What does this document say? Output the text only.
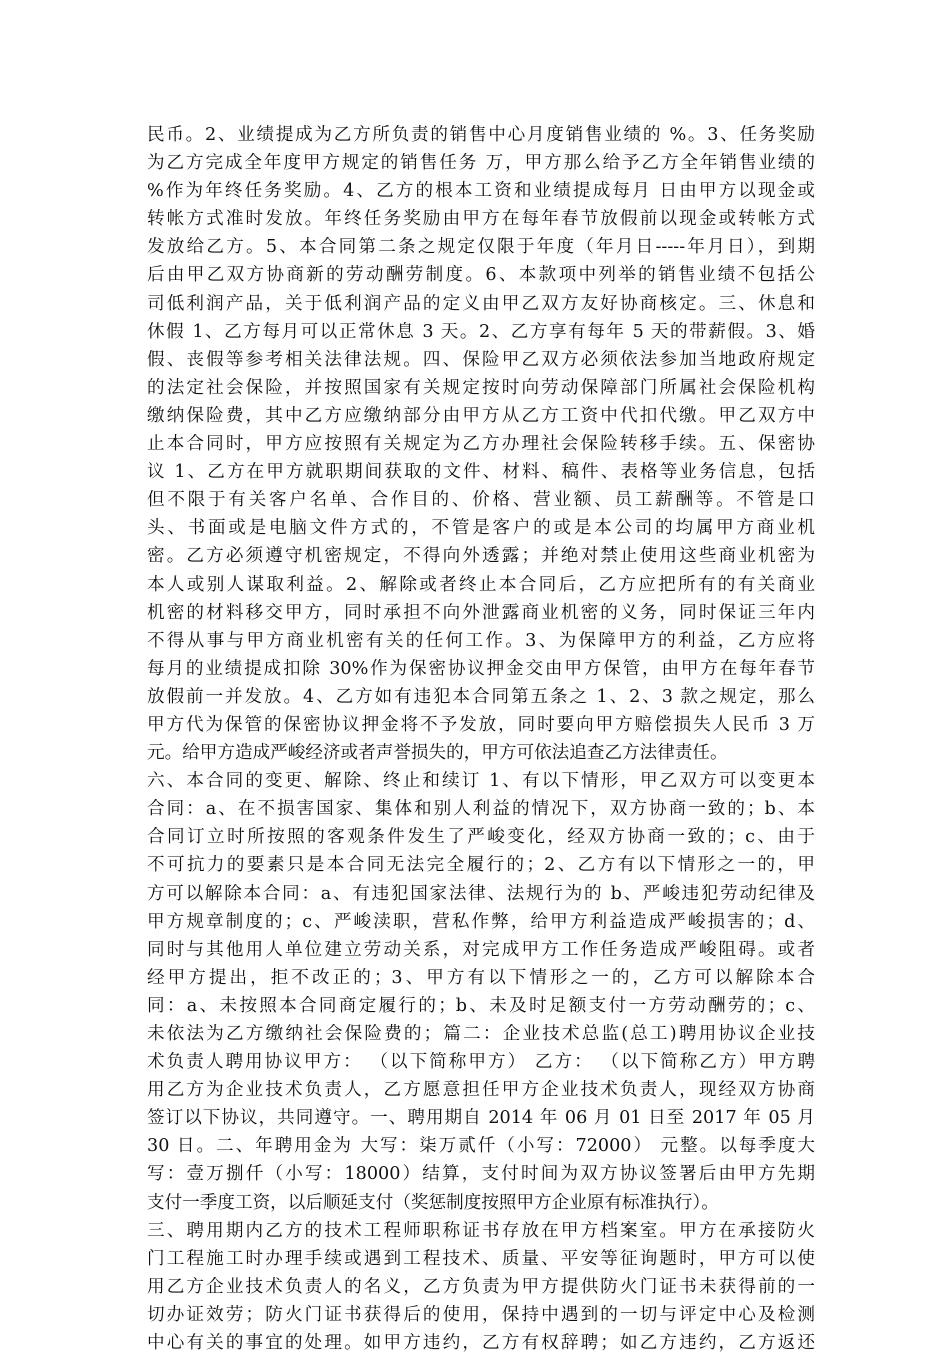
民币。2、业绩提成为乙方所负责的销售中心月度销售业绩的 %。3、任务奖励
为乙方完成全年度甲方规定的销售任务 万，甲方那么给予乙方全年销售业绩的
%作为年终任务奖励。4、乙方的根本工资和业绩提成每月 日由甲方以现金或
转帐方式准时发放。年终任务奖励由甲方在每年春节放假前以现金或转帐方式
发放给乙方。5、本合同第二条之规定仅限于年度（年月日-----年月日），到期
后由甲乙双方协商新的劳动酬劳制度。6、本款项中列举的销售业绩不包括公
司低利润产品，关于低利润产品的定义由甲乙双方友好协商核定。三、休息和
休假 1、乙方每月可以正常休息 3 天。2、乙方享有每年 5 天的带薪假。3、婚
假、丧假等参考相关法律法规。四、保险甲乙双方必须依法参加当地政府规定
的法定社会保险，并按照国家有关规定按时向劳动保障部门所属社会保险机构
缴纳保险费，其中乙方应缴纳部分由甲方从乙方工资中代扣代缴。甲乙双方中
止本合同时，甲方应按照有关规定为乙方办理社会保险转移手续。五、保密协
议 1、乙方在甲方就职期间获取的文件、材料、稿件、表格等业务信息，包括
但不限于有关客户名单、合作目的、价格、营业额、员工薪酬等。不管是口
头、书面或是电脑文件方式的，不管是客户的或是本公司的均属甲方商业机
密。乙方必须遵守机密规定，不得向外透露；并绝对禁止使用这些商业机密为
本人或别人谋取利益。2、解除或者终止本合同后，乙方应把所有的有关商业
机密的材料移交甲方，同时承担不向外泄露商业机密的义务，同时保证三年内
不得从事与甲方商业机密有关的任何工作。3、为保障甲方的利益，乙方应将
每月的业绩提成扣除 30%作为保密协议押金交由甲方保管，由甲方在每年春节
放假前一并发放。4、乙方如有违犯本合同第五条之 1、2、3 款之规定，那么
甲方代为保管的保密协议押金将不予发放，同时要向甲方赔偿损失人民币 3 万
元。给甲方造成严峻经济或者声誉损失的，甲方可依法追查乙方法律责任。
六、本合同的变更、解除、终止和续订 1、有以下情形，甲乙双方可以变更本
合同：a、在不损害国家、集体和别人利益的情况下，双方协商一致的；b、本
合同订立时所按照的客观条件发生了严峻变化，经双方协商一致的；c、由于
不可抗力的要素只是本合同无法完全履行的；2、乙方有以下情形之一的，甲
方可以解除本合同：a、有违犯国家法律、法规行为的 b、严峻违犯劳动纪律及
甲方规章制度的；c、严峻渎职，营私作弊，给甲方利益造成严峻损害的；d、
同时与其他用人单位建立劳动关系，对完成甲方工作任务造成严峻阻碍。或者
经甲方提出，拒不改正的；3、甲方有以下情形之一的，乙方可以解除本合
同：a、未按照本合同商定履行的；b、未及时足额支付一方劳动酬劳的；c、
未依法为乙方缴纳社会保险费的；篇二：企业技术总监(总工)聘用协议企业技
术负责人聘用协议甲方： （以下简称甲方） 乙方： （以下简称乙方）甲方聘
用乙方为企业技术负责人，乙方愿意担任甲方企业技术负责人，现经双方协商
签订以下协议，共同遵守。一、聘用期自 2014 年 06 月 01 日至 2017 年 05 月
30 日。二、年聘用金为 大写：柒万贰仟（小写：72000） 元整。以每季度大
写：壹万捌仟（小写：18000）结算，支付时间为双方协议签署后由甲方先期
支付一季度工资，以后顺延支付（奖惩制度按照甲方企业原有标准执行）。
三、聘用期内乙方的技术工程师职称证书存放在甲方档案室。甲方在承接防火
门工程施工时办理手续或遇到工程技术、质量、平安等征询题时，甲方可以使
用乙方企业技术负责人的名义，乙方负责为甲方提供防火门证书未获得前的一
切办证效劳；防火门证书获得后的使用，保持中遇到的一切与评定中心及检测
中心有关的事宜的处理。如甲方违约，乙方有权辞聘；如乙方违约，乙方返还
